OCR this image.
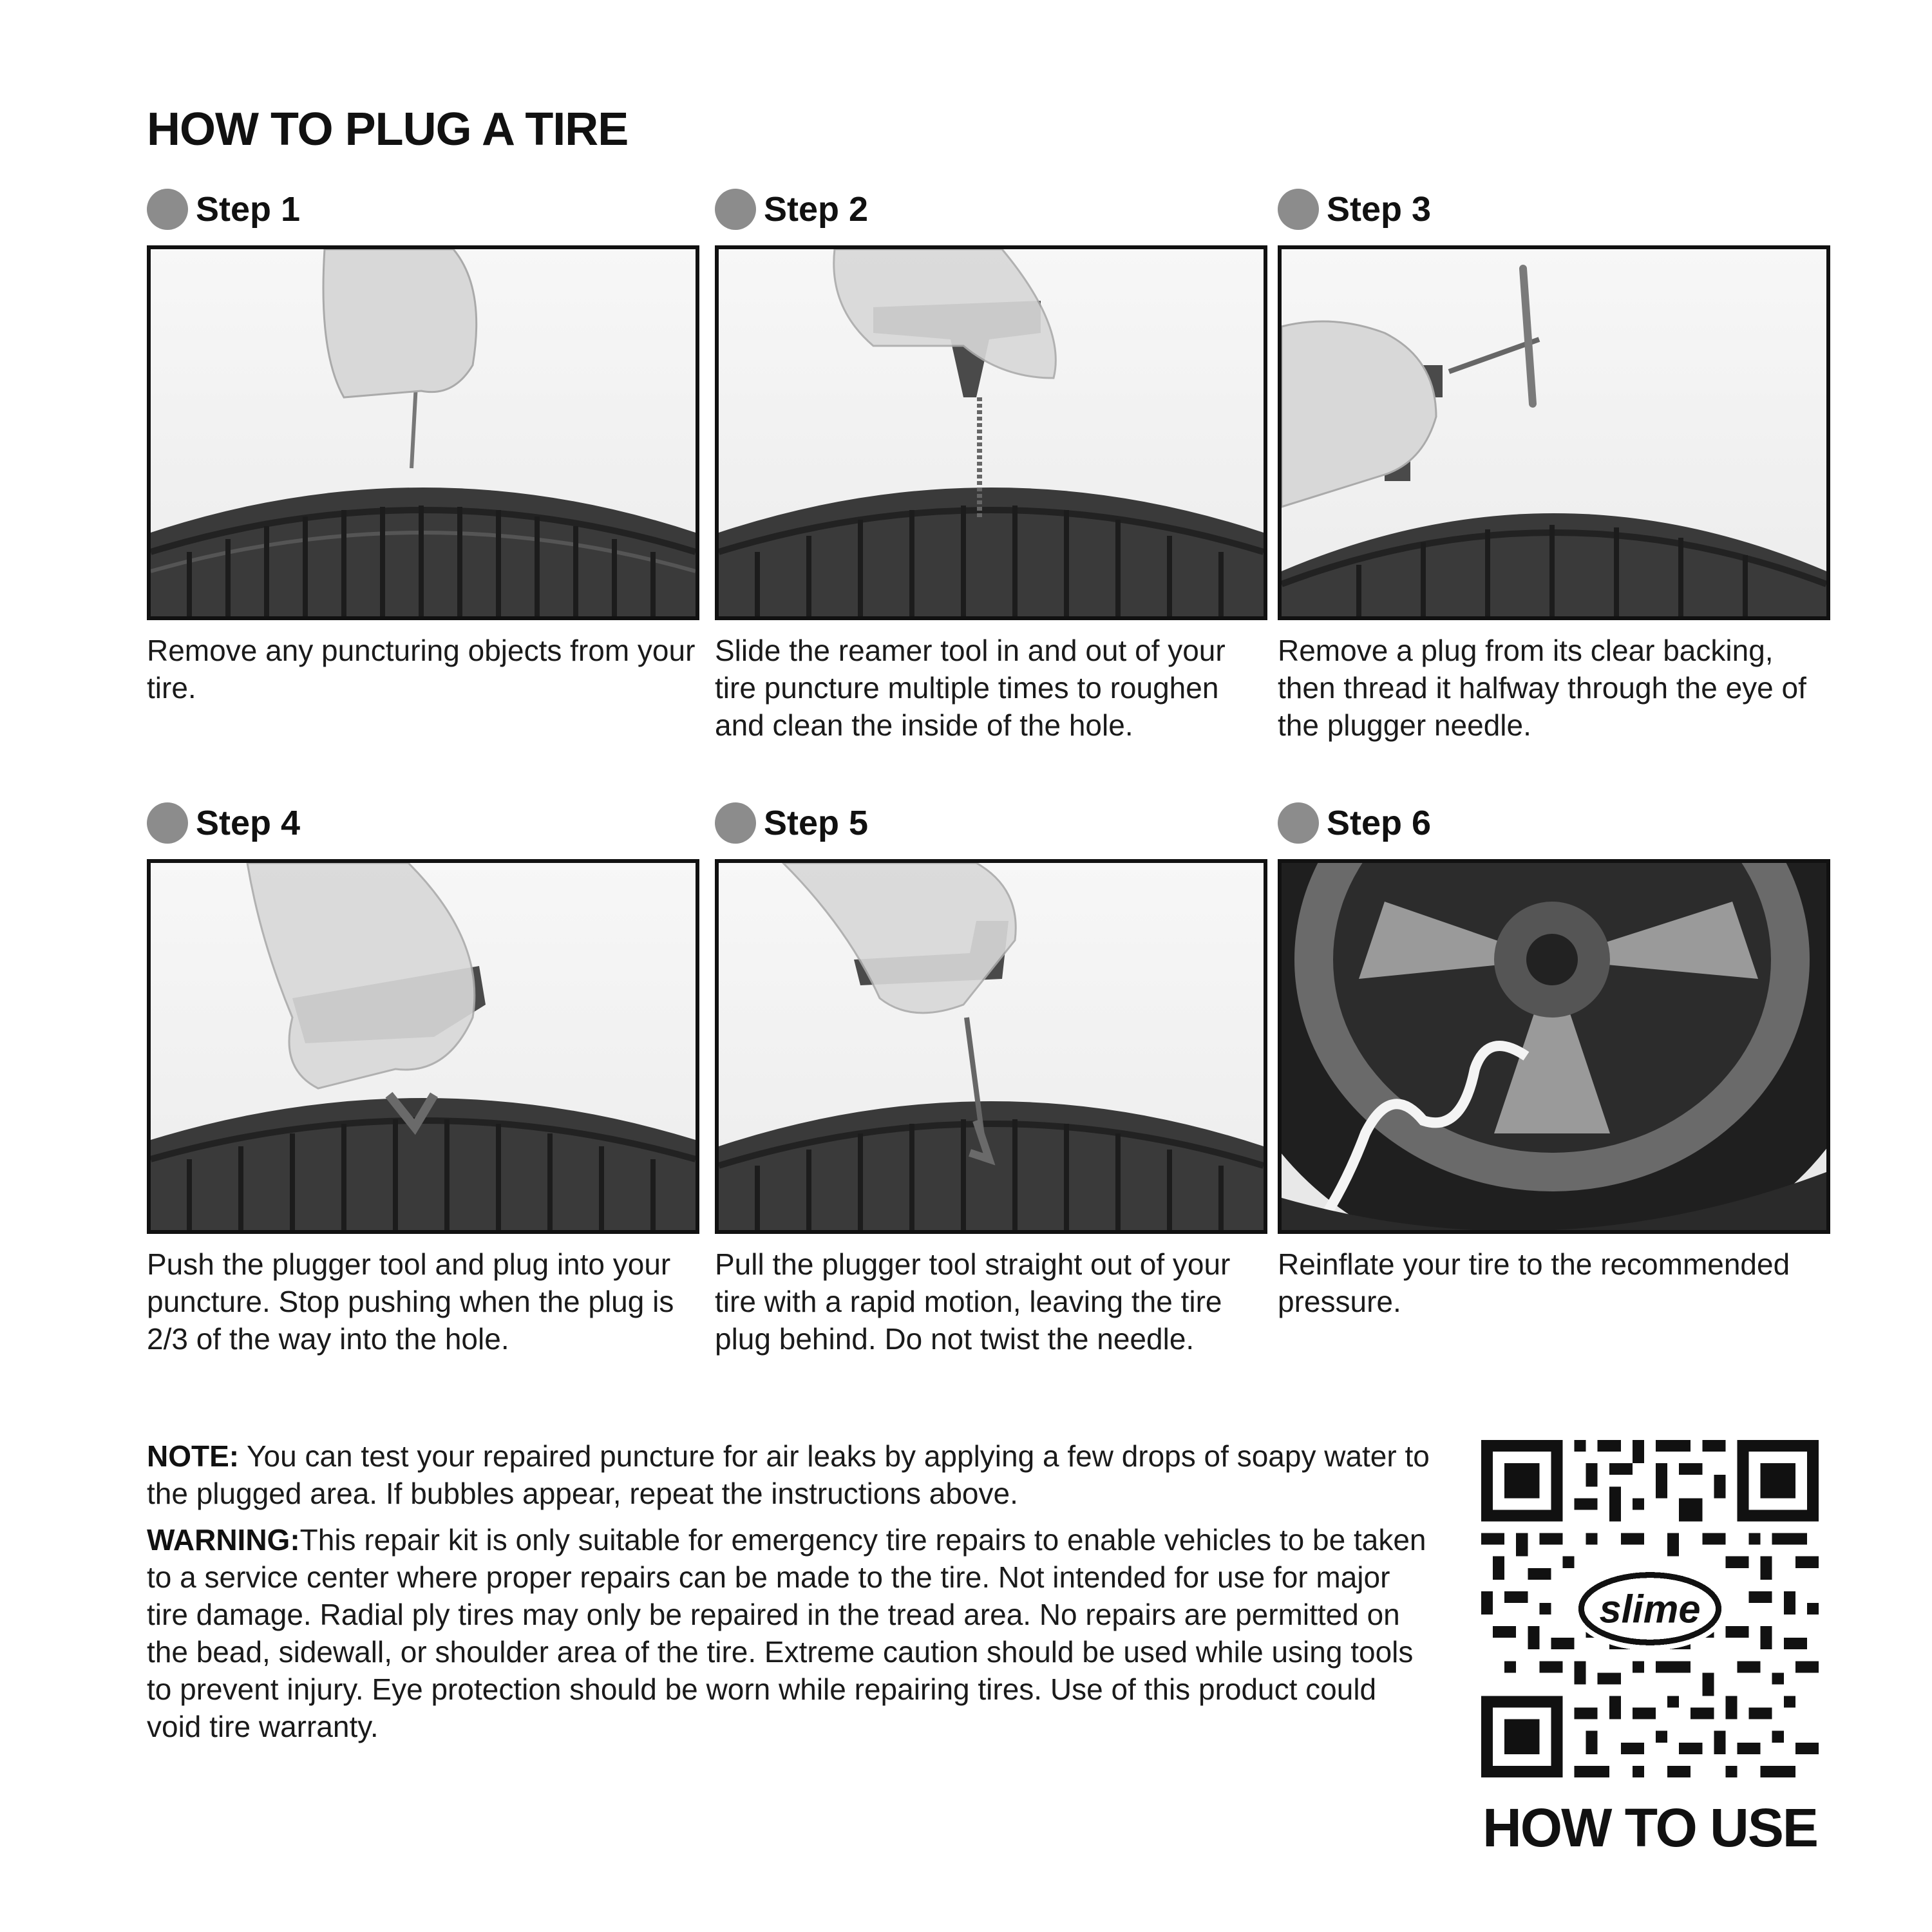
HOW TO PLUG A TIRE
Step 1
Remove any puncturing objects from your tire.
Step 2
Slide the reamer tool in and out of your tire puncture multiple times to roughen and clean the inside of the hole.
Step 3
Remove a plug from its clear backing, then thread it halfway through the eye of the plugger needle.
Step 4
Push the plugger tool and plug into your puncture. Stop pushing when the plug is 2/3 of the way into the hole.
Step 5
Pull the plugger tool straight out of your tire with a rapid motion, leaving the tire plug behind. Do not twist the needle.
Step 6
Reinflate your tire to the recommended pressure.

NOTE: You can test your repaired puncture for air leaks by applying a few drops of soapy water to the plugged area. If bubbles appear, repeat the instructions above.

WARNING:This repair kit is only suitable for emergency tire repairs to enable vehicles to be taken to a service center where proper repairs can be made to the tire. Not intended for use for major tire damage. Radial ply tires may only be repaired in the tread area. No repairs are permitted on the bead, sidewall, or shoulder area of the tire. Extreme caution should be used while using tools to prevent injury. Eye protection should be worn while repairing tires. Use of this product could void tire warranty.

slime
HOW TO USE
